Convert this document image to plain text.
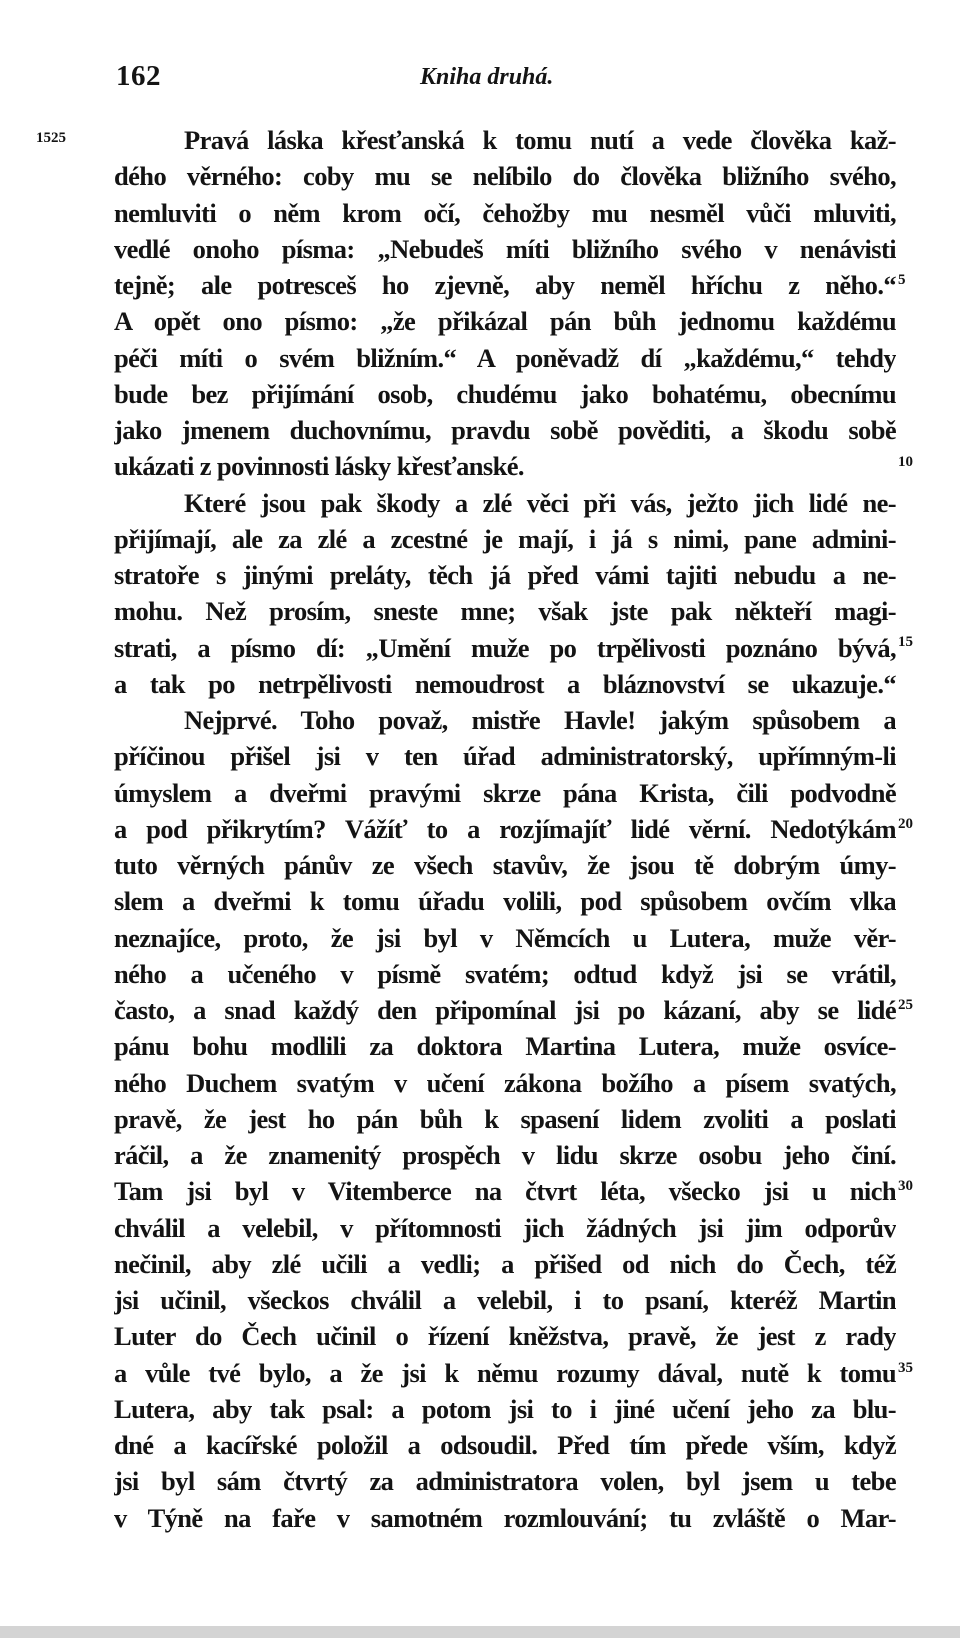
162	Kniha druhá.
1525	Pravá láska křesťanská k tomu nutí a vede člověka kaž-
dého věrného: coby mu se nelíbilo do člověka bližního svého,
nemluviti o něm krom očí, čehožby mu nesměl vůči mluviti,
vedlé onoho písma: „Nebudeš míti bližního svého v nenávisti
tejně; ale potresceš ho zjevně, aby neměl hříchu z něho.“
A opět ono písmo: „že přikázal pán bůh jednomu každému
péči míti o svém bližním.“ A poněvadž dí „každému,“ tehdy
bude bez přijímání osob, chudému jako bohatému, obecnímu
jako jmenem duchovnímu, pravdu sobě pověditi, a škodu sobě
ukázati z povinnosti lásky křesťanské.
Které jsou pak škody a zlé věci při vás, ježto jich lidé ne-
přijímají, ale za zlé a zcestné je mají, i já s nimi, pane admini-
stratoře s jinými preláty, těch já před vámi tajiti nebudu a ne-
mohu. Než prosím, sneste mne; však jste pak někteří magi-
strati, a písmo dí: „Umění muže po trpělivosti poznáno bývá,
a tak po netrpělivosti nemoudrost a bláznovství se ukazuje.“
Nejprvé. Toho považ, mistře Havle! jakým spůsobem a
příčinou přišel jsi v ten úřad administratorský, upřímným-li
úmyslem a dveřmi pravými skrze pána Krista, čili podvodně
a pod přikrytím? Vážíť to a rozjímajíť lidé věrní. Nedotýkám
tuto věrných pánův ze všech stavův, že jsou tě dobrým úmy-
slem a dveřmi k tomu úřadu volili, pod spůsobem ovčím vlka
neznajíce, proto, že jsi byl v Němcích u Lutera, muže věr-
ného a učeného v písmě svatém; odtud když jsi se vrátil,
často, a snad každý den připomínal jsi po kázaní, aby se lidé
pánu bohu modlili za doktora Martina Lutera, muže osvíce-
ného Duchem svatým v učení zákona božího a písem svatých,
pravě, že jest ho pán bůh k spasení lidem zvoliti a poslati
ráčil, a že znamenitý prospěch v lidu skrze osobu jeho činí.
Tam jsi byl v Vitemberce na čtvrt léta, všecko jsi u nich
chválil a velebil, v přítomnosti jich žádných jsi jim odporův
nečinil, aby zlé učili a vedli; a přišed od nich do Čech, též
jsi učinil, všeckos chválil a velebil, i to psaní, kteréž Martin
Luter do Čech učinil o řízení kněžstva, pravě, že jest z rady
a vůle tvé bylo, a že jsi k němu rozumy dával, nutě k tomu
Lutera, aby tak psal: a potom jsi to i jiné učení jeho za blu-
dné a kacířské položil a odsoudil. Před tím přede vším, když
jsi byl sám čtvrtý za administratora volen, byl jsem u tebe
v Týně na faře v samotném rozmlouvání; tu zvláště o Mar-
5
10
15
20
25
30
35
